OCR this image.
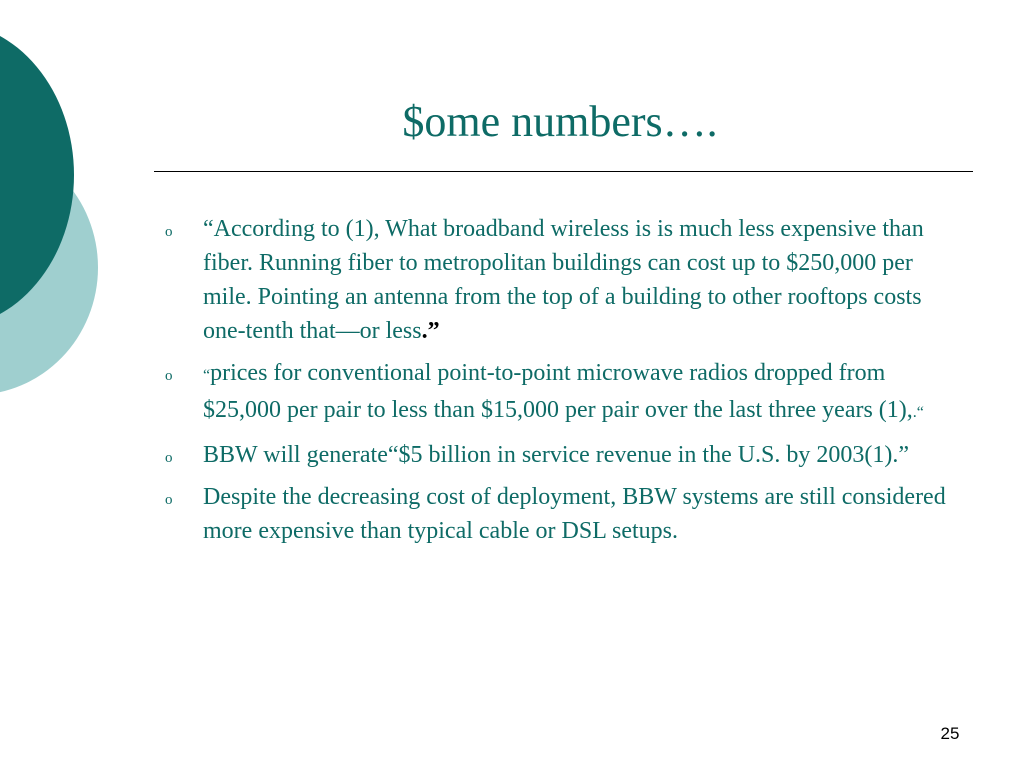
$ome numbers….
o “According to (1), What broadband wireless is is much less expensive than fiber. Running fiber to metropolitan buildings can cost up to $250,000 per mile. Pointing an antenna from the top of a building to other rooftops costs one-tenth that—or less.”
o “prices for conventional point-to-point microwave radios dropped from $25,000 per pair to less than $15,000 per pair over the last three years (1),.“
o BBW will generate“$5 billion in service revenue in the U.S. by 2003(1).”
o Despite the decreasing cost of deployment, BBW systems are still considered more expensive than typical cable or DSL setups.
25
